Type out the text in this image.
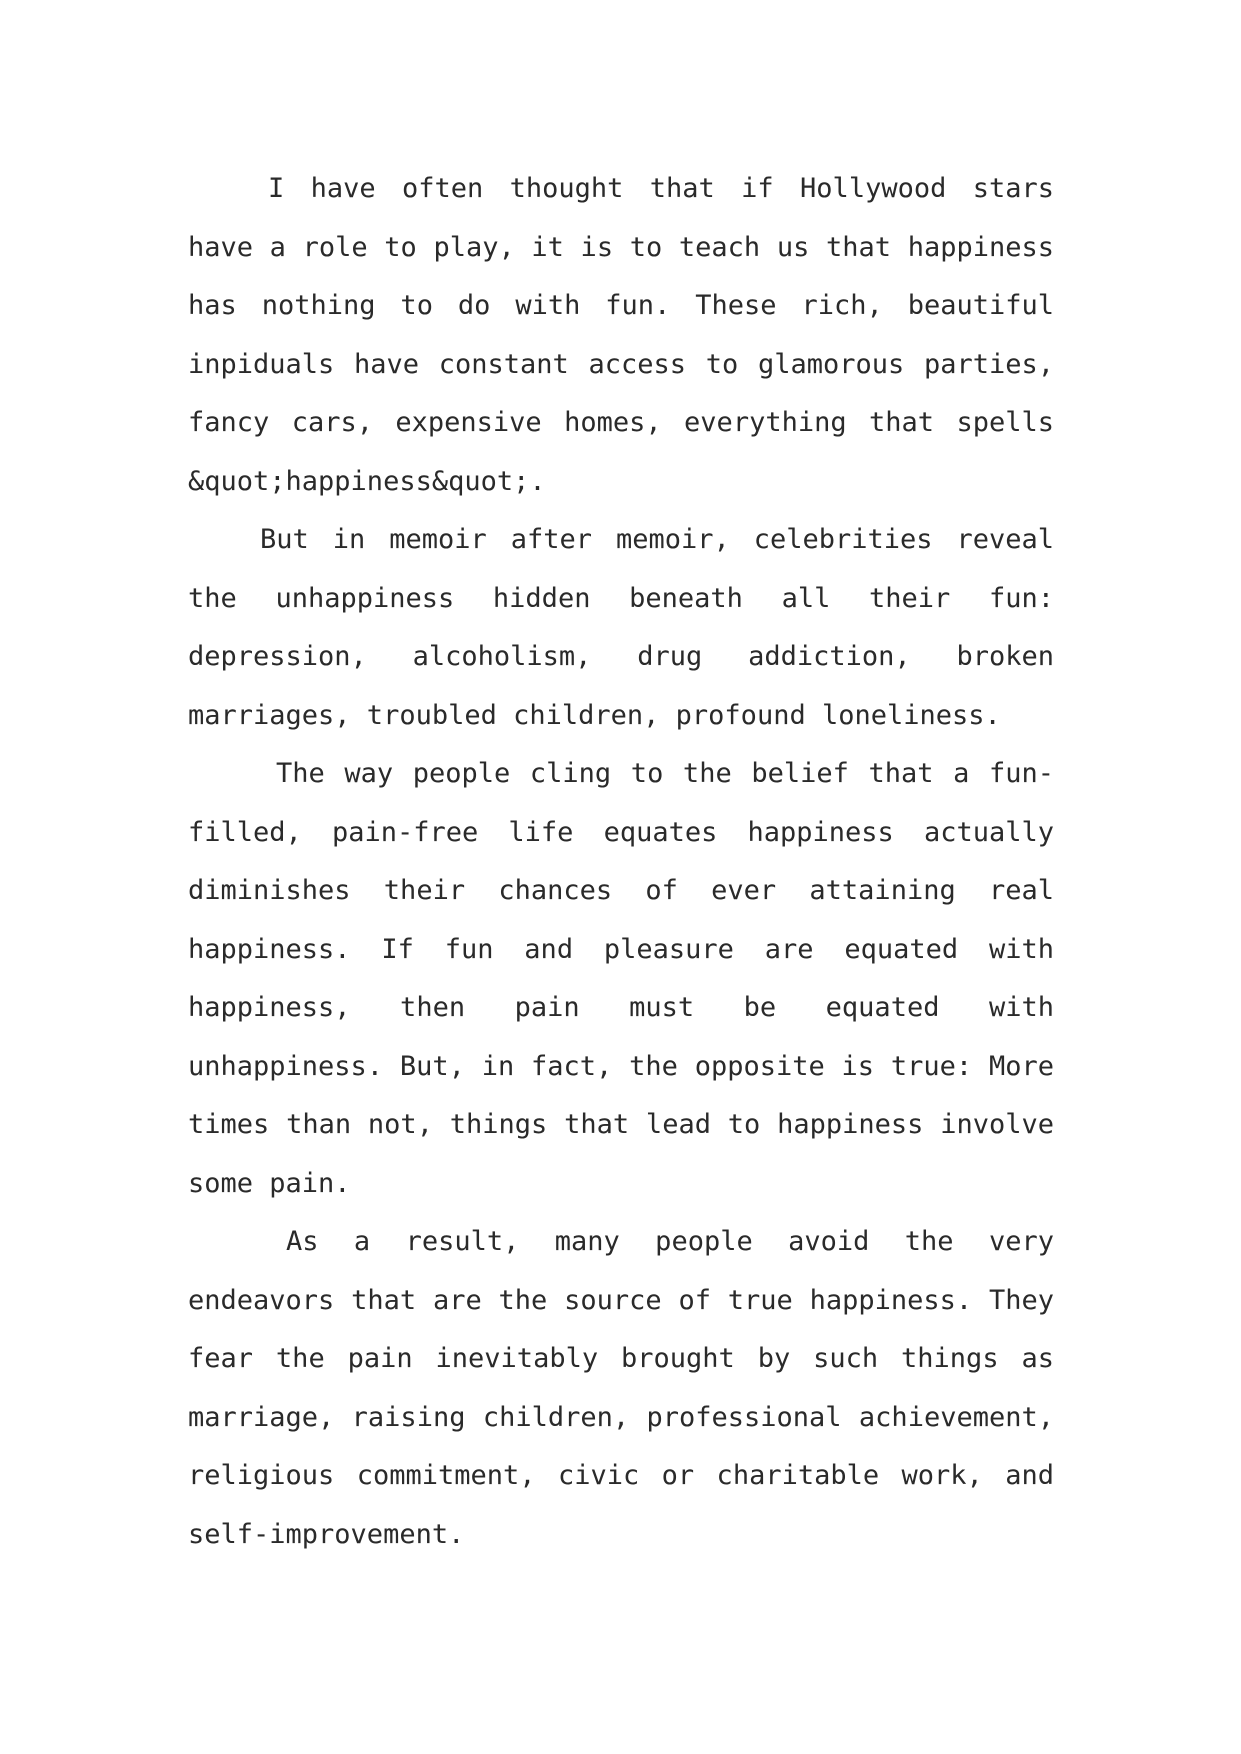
I have often thought that if Hollywood stars have a role to play, it is to teach us that happiness has nothing to do with fun. These rich, beautiful inpiduals have constant access to glamorous parties, fancy cars, expensive homes, everything that spells &quot;happiness&quot;.

But in memoir after memoir, celebrities reveal the unhappiness hidden beneath all their fun: depression, alcoholism, drug addiction, broken marriages, troubled children, profound loneliness.

The way people cling to the belief that a fun-filled, pain-free life equates happiness actually diminishes their chances of ever attaining real happiness. If fun and pleasure are equated with happiness, then pain must be equated with unhappiness. But, in fact, the opposite is true: More times than not, things that lead to happiness involve some pain.

As a result, many people avoid the very endeavors that are the source of true happiness. They fear the pain inevitably brought by such things as marriage, raising children, professional achievement, religious commitment, civic or charitable work, and self-improvement.
